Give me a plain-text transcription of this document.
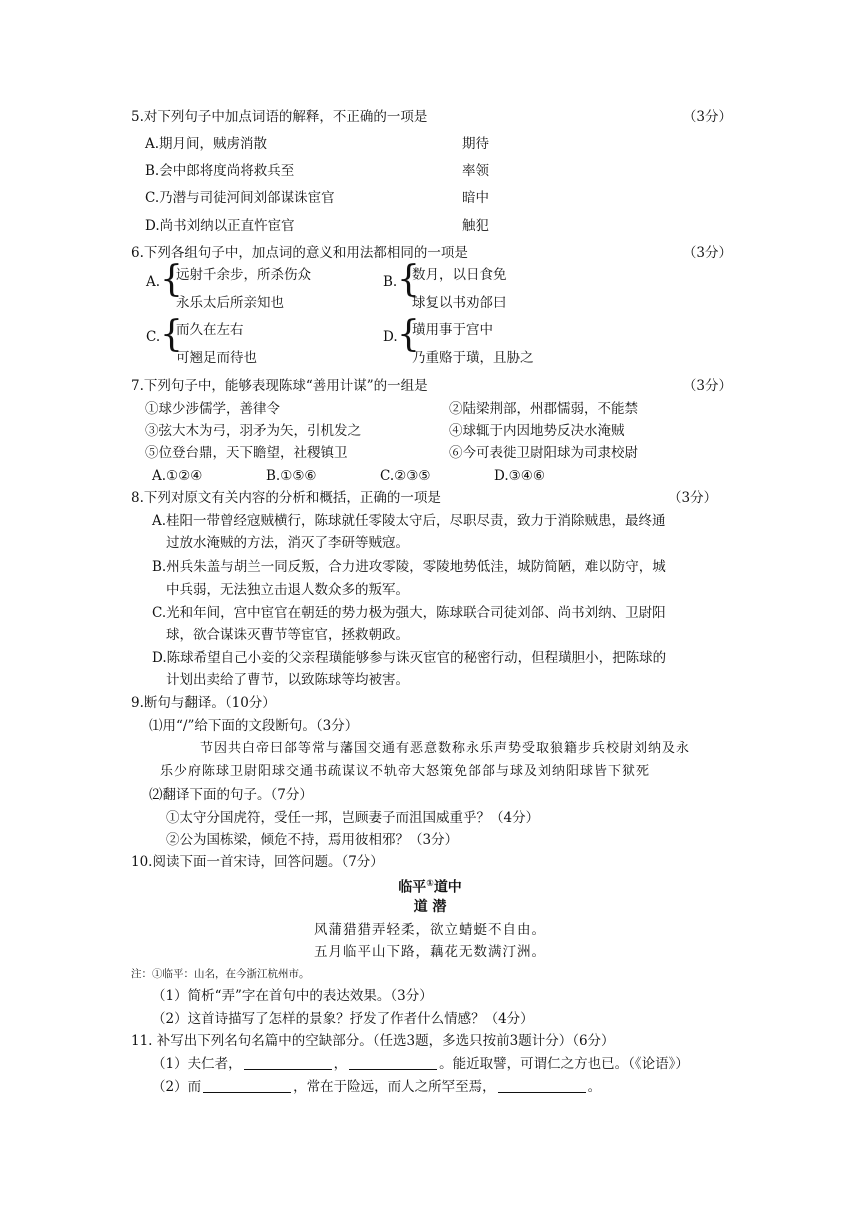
5.对下列句子中加点词语的解释，不正确的一项是	（3分）
A.期月间，贼虏消散	期待
B.会中郎将度尚将救兵至	率领
C.乃潜与司徒河间刘郃谋诛宦官	暗中
D.尚书刘纳以正直忤宦官	触犯
6.下列各组句子中，加点词的意义和用法都相同的一项是	（3分）
A. {
远射千余步，所杀伤众
永乐太后所亲知也
B. {
数月，以日食免
球复以书劝郃曰
C. {
而久在左右
可翘足而待也
D. {
璜用事于宫中
乃重赂于璜，且胁之
7.下列句子中，能够表现陈球“善用计谋”的一组是	（3分）
①球少涉儒学，善律令	②陆梁荆部，州郡懦弱，不能禁
③弦大木为弓，羽矛为矢，引机发之	④球辄于内因地势反决水淹贼
⑤位登台鼎，天下瞻望，社稷镇卫	⑥今可表徙卫尉阳球为司隶校尉
A.①②④	B.①⑤⑥	C.②③⑤	D.③④⑥
8.下列对原文有关内容的分析和概括，正确的一项是	（3分）
A.桂阳一带曾经寇贼横行，陈球就任零陵太守后，尽职尽责，致力于消除贼患，最终通
过放水淹贼的方法，消灭了李研等贼寇。
B.州兵朱盖与胡兰一同反叛，合力进攻零陵，零陵地势低洼，城防简陋，难以防守，城
中兵弱，无法独立击退人数众多的叛军。
C.光和年间，宫中宦官在朝廷的势力极为强大，陈球联合司徒刘郃、尚书刘纳、卫尉阳
球，欲合谋诛灭曹节等宦官，拯救朝政。
D.陈球希望自己小妾的父亲程璜能够参与诛灭宦官的秘密行动，但程璜胆小，把陈球的
计划出卖给了曹节，以致陈球等均被害。
9.断句与翻译。（10分）
⑴用“/”给下面的文段断句。（3分）
节因共白帝曰郃等常与藩国交通有恶意数称永乐声势受取狼籍步兵校尉刘纳及永
乐少府陈球卫尉阳球交通书疏谋议不轨帝大怒策免郃郃与球及刘纳阳球皆下狱死
⑵翻译下面的句子。（7分）
①太守分国虎符，受任一邦，岂顾妻子而沮国威重乎？（4分）
②公为国栋梁，倾危不持，焉用彼相邪？（3分）
10.阅读下面一首宋诗，回答问题。（7分）
临平①道中
道 潜
风蒲猎猎弄轻柔，欲立蜻蜓不自由。
五月临平山下路，藕花无数满汀洲。
注：①临平：山名，在今浙江杭州市。
（1）简析“弄”字在首句中的表达效果。（3分）
（2）这首诗描写了怎样的景象？抒发了作者什么情感？（4分）
11. 补写出下列名句名篇中的空缺部分。（任选3题，多选只按前3题计分）（6分）
（1）夫仁者，	，	。能近取譬，可谓仁之方也已。（《论语》）
（2）而	，常在于险远，而人之所罕至焉，	。
